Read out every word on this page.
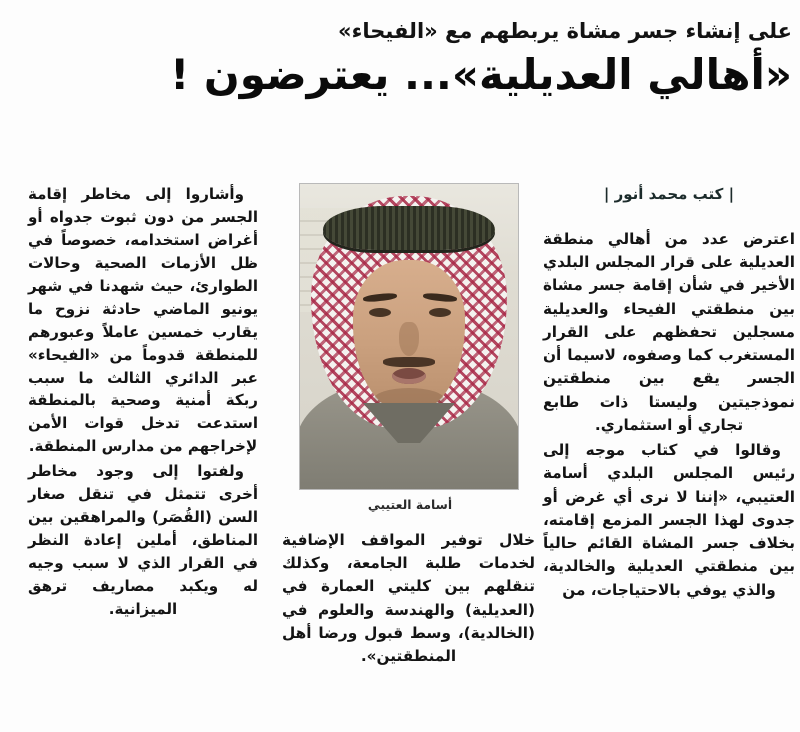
على إنشاء جسر مشاة يربطهم مع «الفيحاء»
«أهالي العديلية»... يعترضون !
| كتب محمد أنور |

اعترض عدد من أهالي منطقة العديلية على قرار المجلس البلدي الأخير في شأن إقامة جسر مشاة بين منطقتي الفيحاء والعديلية مسجلين تحفظهم على القرار المستغرب كما وصفوه، لاسيما أن الجسر يقع بين منطقتين نموذجيتين وليستا ذات طابع تجاري أو استثماري.

وقالوا في كتاب موجه إلى رئيس المجلس البلدي أسامة العتيبي، «إننا لا نرى أي غرض أو جدوى لهذا الجسر المزمع إقامته، بخلاف جسر المشاة القائم حالياً بين منطقتي العديلية والخالدية، والذي يوفي بالاحتياجات، من

أسامة العتيبي

خلال توفير المواقف الإضافية لخدمات طلبة الجامعة، وكذلك تنقلهم بين كليتي العمارة في (العديلية) والهندسة والعلوم في (الخالدية)، وسط قبول ورضا أهل المنطقتين».

وأشاروا إلى مخاطر إقامة الجسر من دون ثبوت جدواه أو أغراض استخدامه، خصوصاً في ظل الأزمات الصحية وحالات الطوارئ، حيث شهدنا في شهر يونيو الماضي حادثة نزوح ما يقارب خمسين عاملاً وعبورهم للمنطقة قدوماً من «الفيحاء» عبر الدائري الثالث ما سبب ربكة أمنية وصحية بالمنطقة استدعت تدخل قوات الأمن لإخراجهم من مدارس المنطقة.

ولفتوا إلى وجود مخاطر أخرى تتمثل في تنقل صغار السن (القُصَر) والمراهقين بين المناطق، أملين إعادة النظر في القرار الذي لا سبب وجيه له ويكبد مصاريف ترهق الميزانية.
